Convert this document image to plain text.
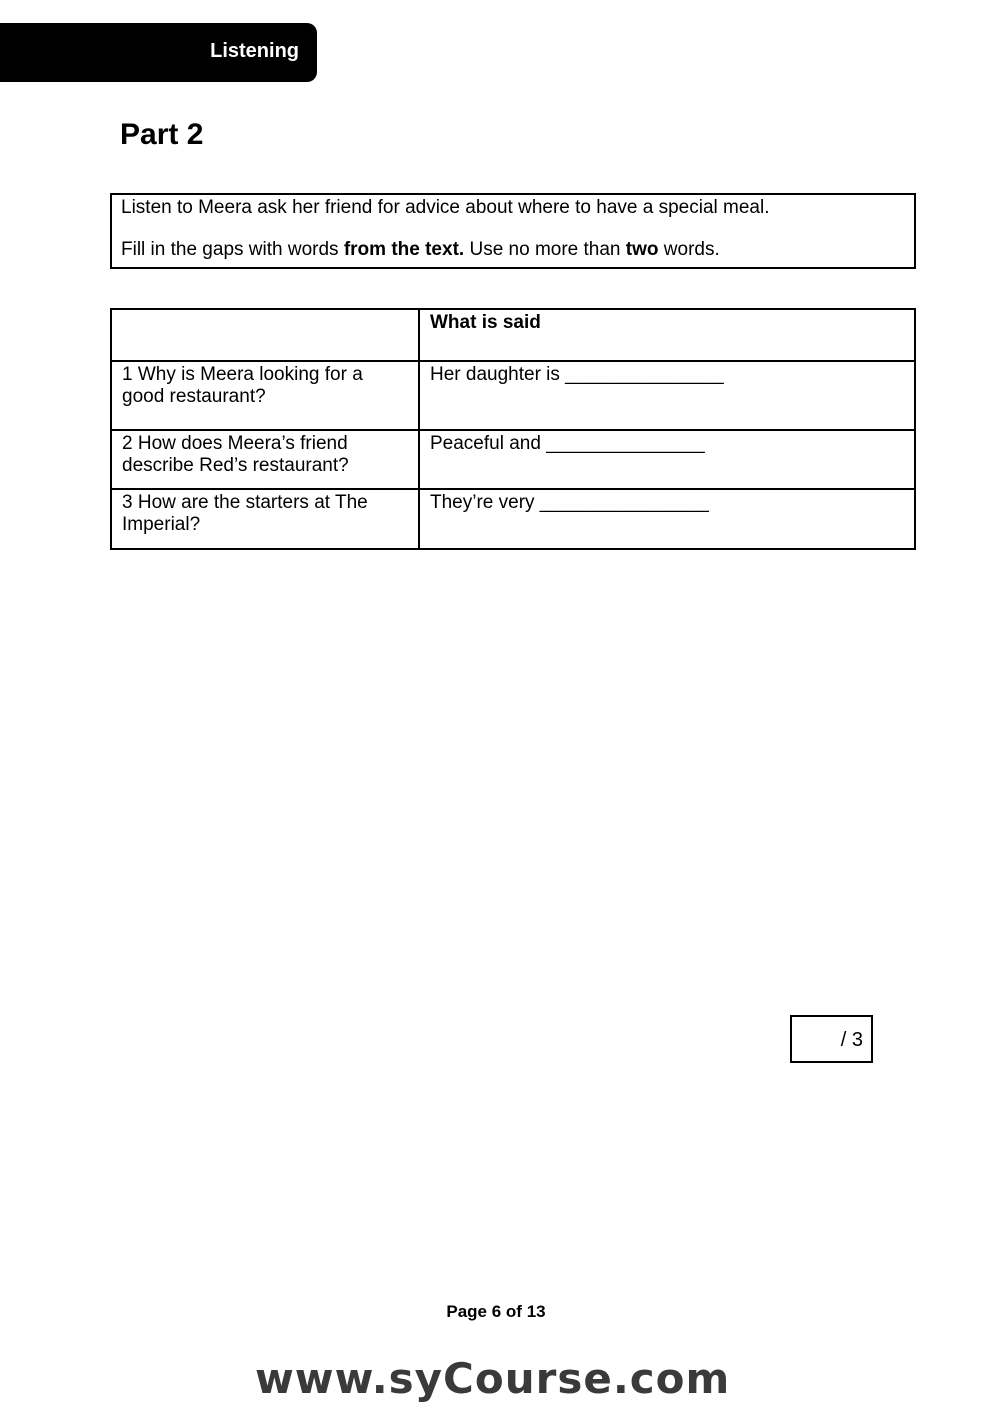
Listening
Part 2

Listen to Meera ask her friend for advice about where to have a special meal.

Fill in the gaps with words from the text. Use no more than two words.

	What is said
1 Why is Meera looking for a good restaurant?	Her daughter is _______________
2 How does Meera’s friend describe Red’s restaurant?	Peaceful and _______________
3 How are the starters at The Imperial?	They’re very ________________
/ 3
Page 6 of 13
www.syCourse.com
